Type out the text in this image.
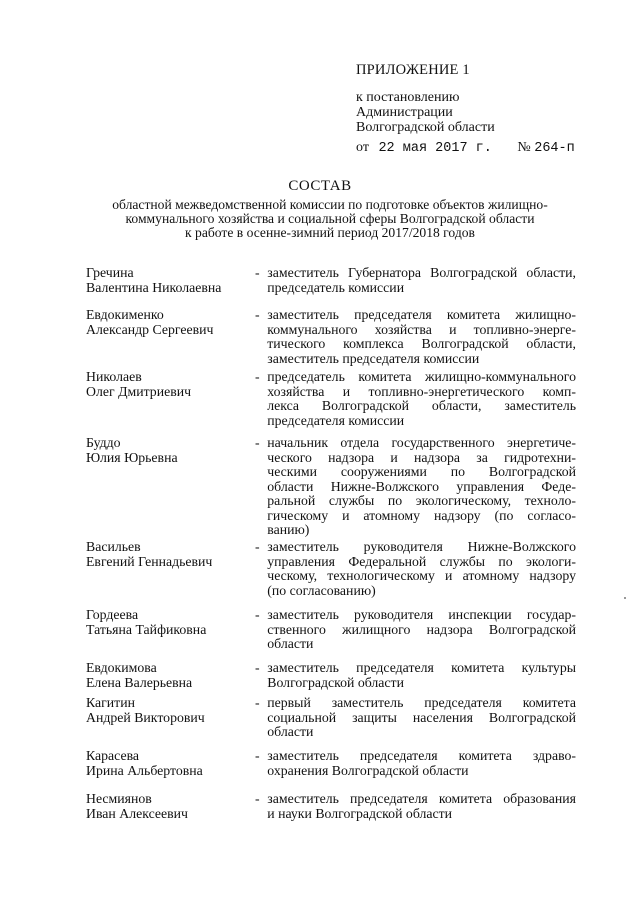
ПРИЛОЖЕНИЕ 1
к постановлению
Администрации
Волгоградской области
от 22 мая 2017 г. № 264-п
СОСТАВ
областной межведомственной комиссии по подготовке объектов жилищно-
коммунального хозяйства и социальной сферы Волгоградской области
к работе в осенне-зимний период 2017/2018 годов
Гречина
Валентина Николаевна
- заместитель Губернатора Волгоградской области,
председатель комиссии
Евдокименко
Александр Сергеевич
- заместитель председателя комитета жилищно-
коммунального хозяйства и топливно-энерге-
тического комплекса Волгоградской области,
заместитель председателя комиссии
Николаев
Олег Дмитриевич
- председатель комитета жилищно-коммунального
хозяйства и топливно-энергетического комп-
лекса Волгоградской области, заместитель
председателя комиссии
Буддо
Юлия Юрьевна
- начальник отдела государственного энергетиче-
ческого надзора и надзора за гидротехни-
ческими сооружениями по Волгоградской
области Нижне-Волжского управления Феде-
ральной службы по экологическому, техноло-
гическому и атомному надзору (по согласо-
ванию)
Васильев
Евгений Геннадьевич
- заместитель руководителя Нижне-Волжского
управления Федеральной службы по экологи-
ческому, технологическому и атомному надзору
(по согласованию)
Гордеева
Татьяна Тайфиковна
- заместитель руководителя инспекции государ-
ственного жилищного надзора Волгоградской
области
Евдокимова
Елена Валерьевна
- заместитель председателя комитета культуры
Волгоградской области
Кагитин
Андрей Викторович
- первый заместитель председателя комитета
социальной защиты населения Волгоградской
области
Карасева
Ирина Альбертовна
- заместитель председателя комитета здраво-
охранения Волгоградской области
Несмиянов
Иван Алексеевич
- заместитель председателя комитета образования
и науки Волгоградской области
